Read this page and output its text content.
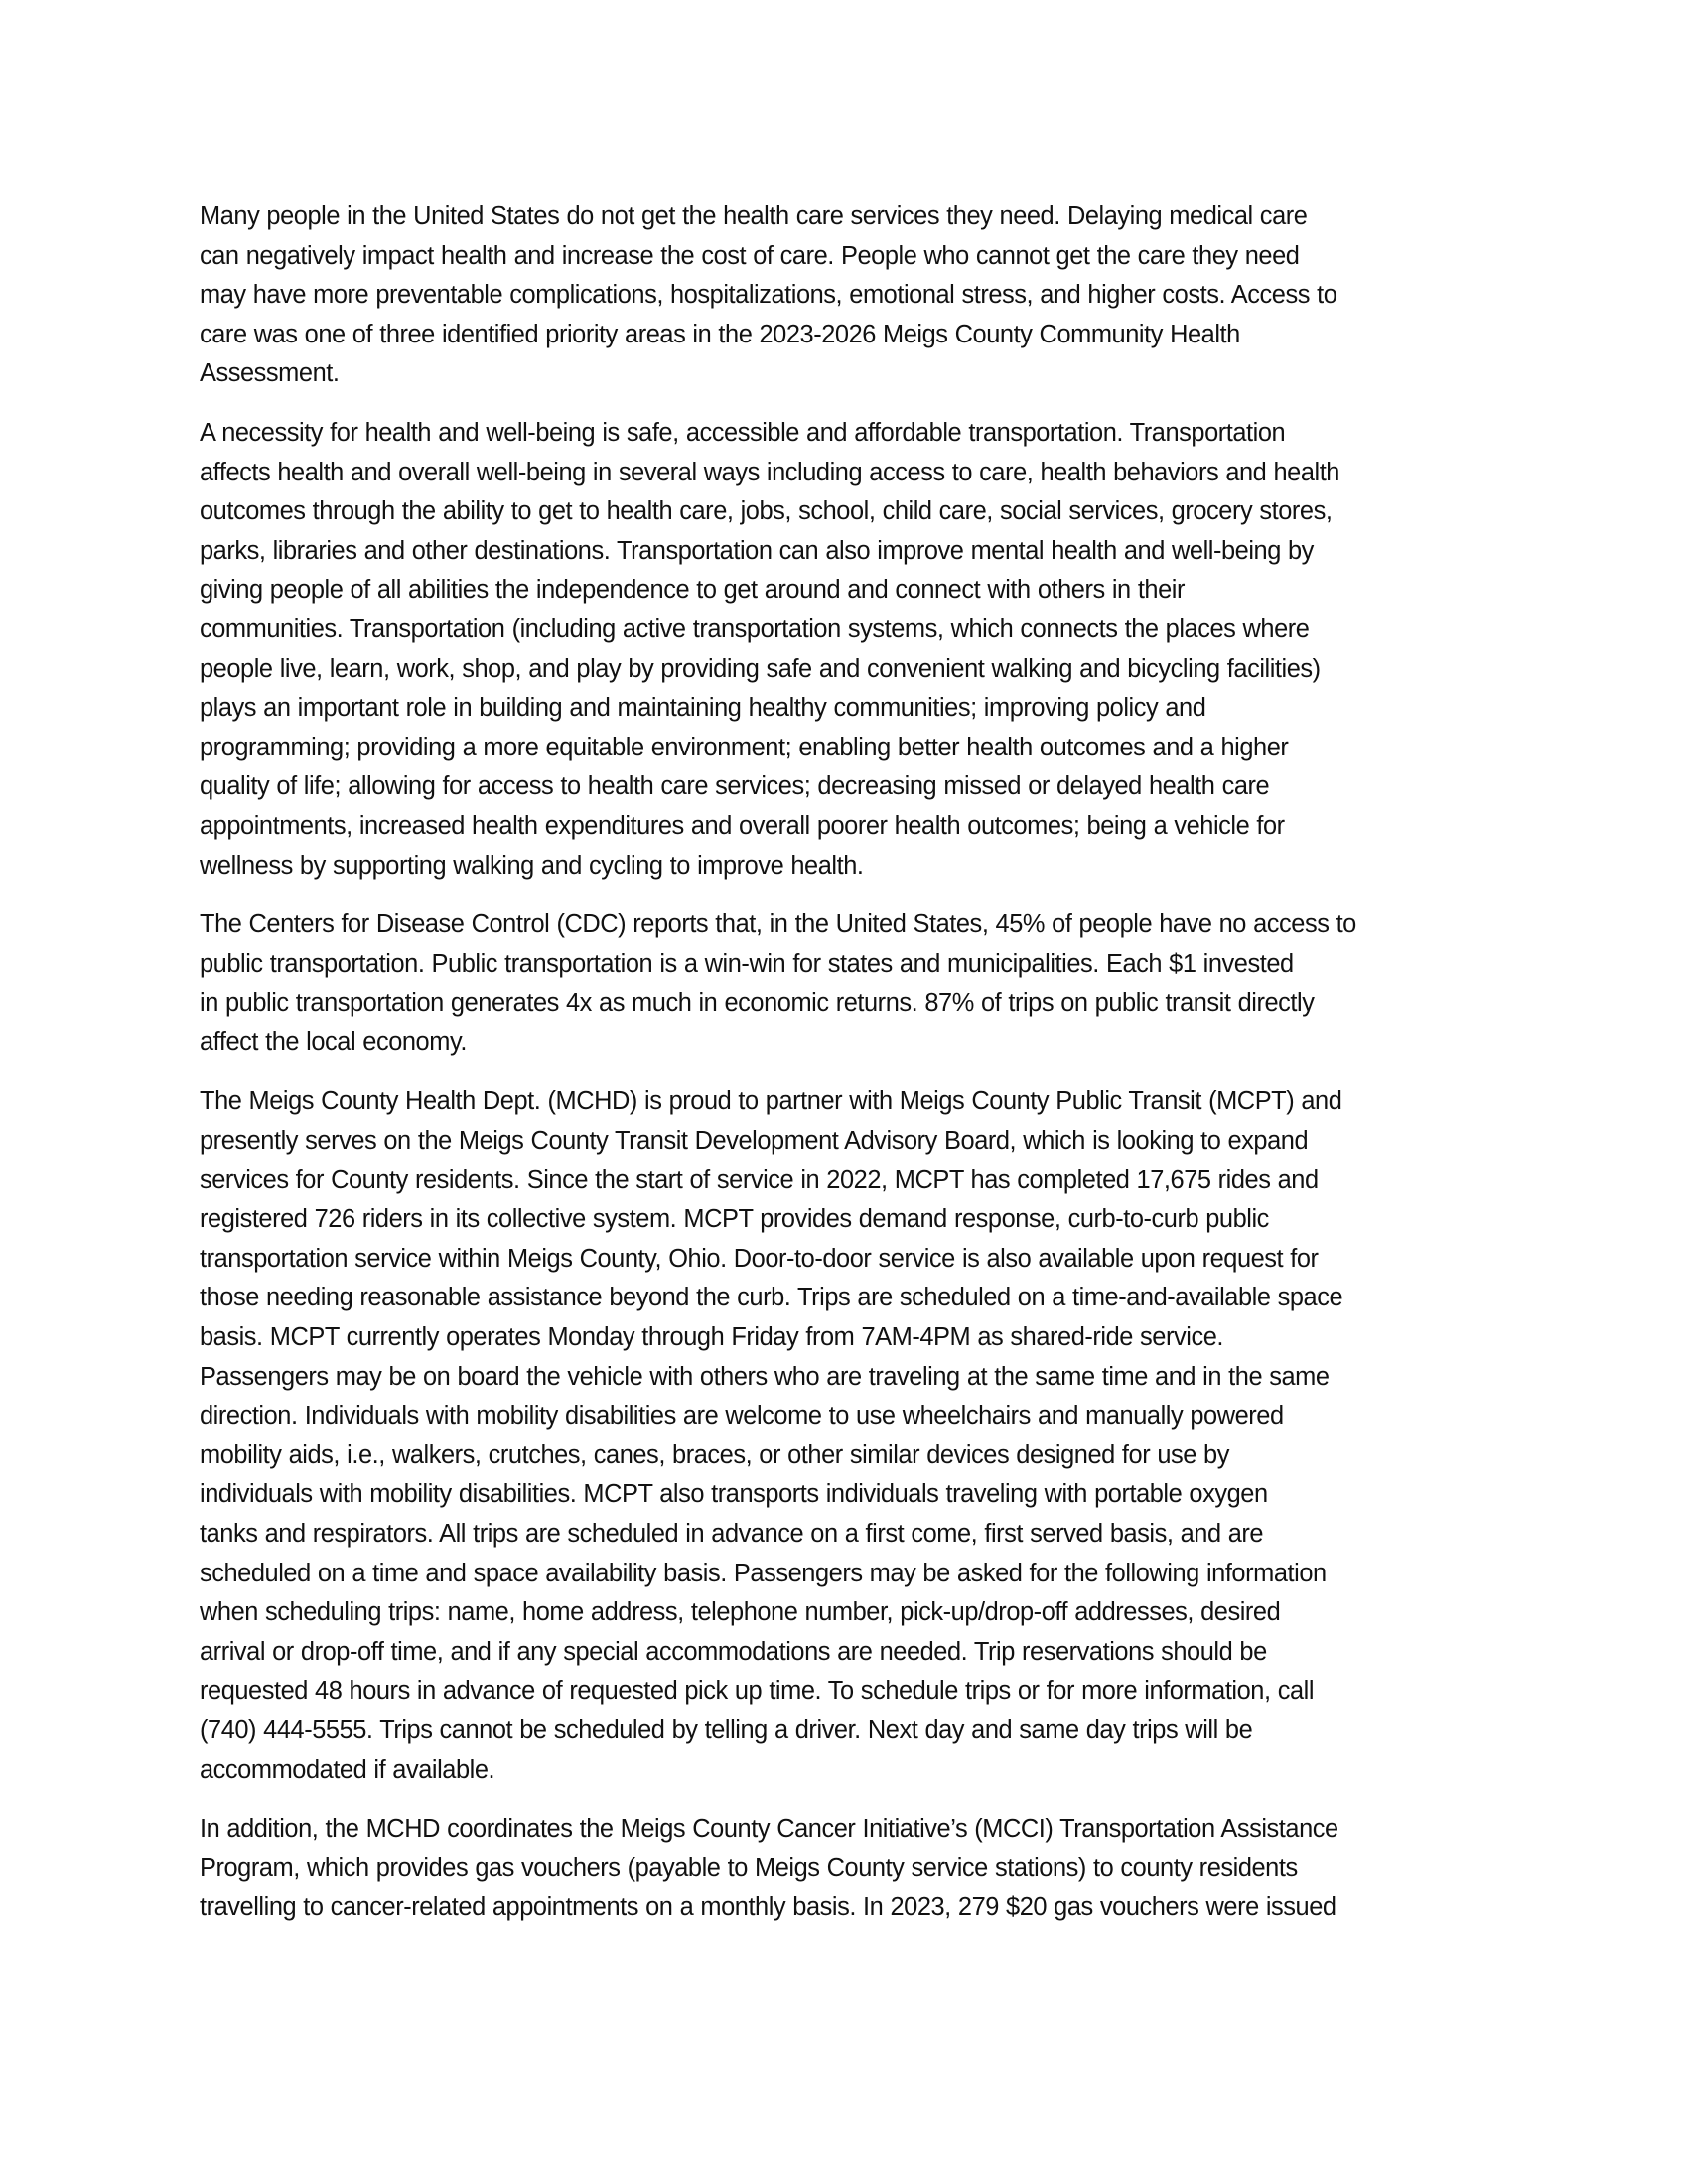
Many people in the United States do not get the health care services they need. Delaying medical care
can negatively impact health and increase the cost of care. People who cannot get the care they need
may have more preventable complications, hospitalizations, emotional stress, and higher costs. Access to
care was one of three identified priority areas in the 2023-2026 Meigs County Community Health
Assessment.
A necessity for health and well-being is safe, accessible and affordable transportation. Transportation
affects health and overall well-being in several ways including access to care, health behaviors and health
outcomes through the ability to get to health care, jobs, school, child care, social services, grocery stores,
parks, libraries and other destinations. Transportation can also improve mental health and well-being by
giving people of all abilities the independence to get around and connect with others in their
communities. Transportation (including active transportation systems, which connects the places where
people live, learn, work, shop, and play by providing safe and convenient walking and bicycling facilities)
plays an important role in building and maintaining healthy communities; improving policy and
programming; providing a more equitable environment; enabling better health outcomes and a higher
quality of life; allowing for access to health care services; decreasing missed or delayed health care
appointments, increased health expenditures and overall poorer health outcomes; being a vehicle for
wellness by supporting walking and cycling to improve health.
The Centers for Disease Control (CDC) reports that, in the United States, 45% of people have no access to
public transportation. Public transportation is a win-win for states and municipalities. Each $1 invested
in public transportation generates 4x as much in economic returns. 87% of trips on public transit directly
affect the local economy.
The Meigs County Health Dept. (MCHD) is proud to partner with Meigs County Public Transit (MCPT) and
presently serves on the Meigs County Transit Development Advisory Board, which is looking to expand
services for County residents. Since the start of service in 2022, MCPT has completed 17,675 rides and
registered 726 riders in its collective system. MCPT provides demand response, curb-to-curb public
transportation service within Meigs County, Ohio. Door-to-door service is also available upon request for
those needing reasonable assistance beyond the curb. Trips are scheduled on a time-and-available space
basis. MCPT currently operates Monday through Friday from 7AM-4PM as shared-ride service.
Passengers may be on board the vehicle with others who are traveling at the same time and in the same
direction. Individuals with mobility disabilities are welcome to use wheelchairs and manually powered
mobility aids, i.e., walkers, crutches, canes, braces, or other similar devices designed for use by
individuals with mobility disabilities. MCPT also transports individuals traveling with portable oxygen
tanks and respirators. All trips are scheduled in advance on a first come, first served basis, and are
scheduled on a time and space availability basis. Passengers may be asked for the following information
when scheduling trips: name, home address, telephone number, pick-up/drop-off addresses, desired
arrival or drop-off time, and if any special accommodations are needed. Trip reservations should be
requested 48 hours in advance of requested pick up time. To schedule trips or for more information, call
(740) 444-5555. Trips cannot be scheduled by telling a driver. Next day and same day trips will be
accommodated if available.
In addition, the MCHD coordinates the Meigs County Cancer Initiative’s (MCCI) Transportation Assistance
Program, which provides gas vouchers (payable to Meigs County service stations) to county residents
travelling to cancer-related appointments on a monthly basis. In 2023, 279 $20 gas vouchers were issued
